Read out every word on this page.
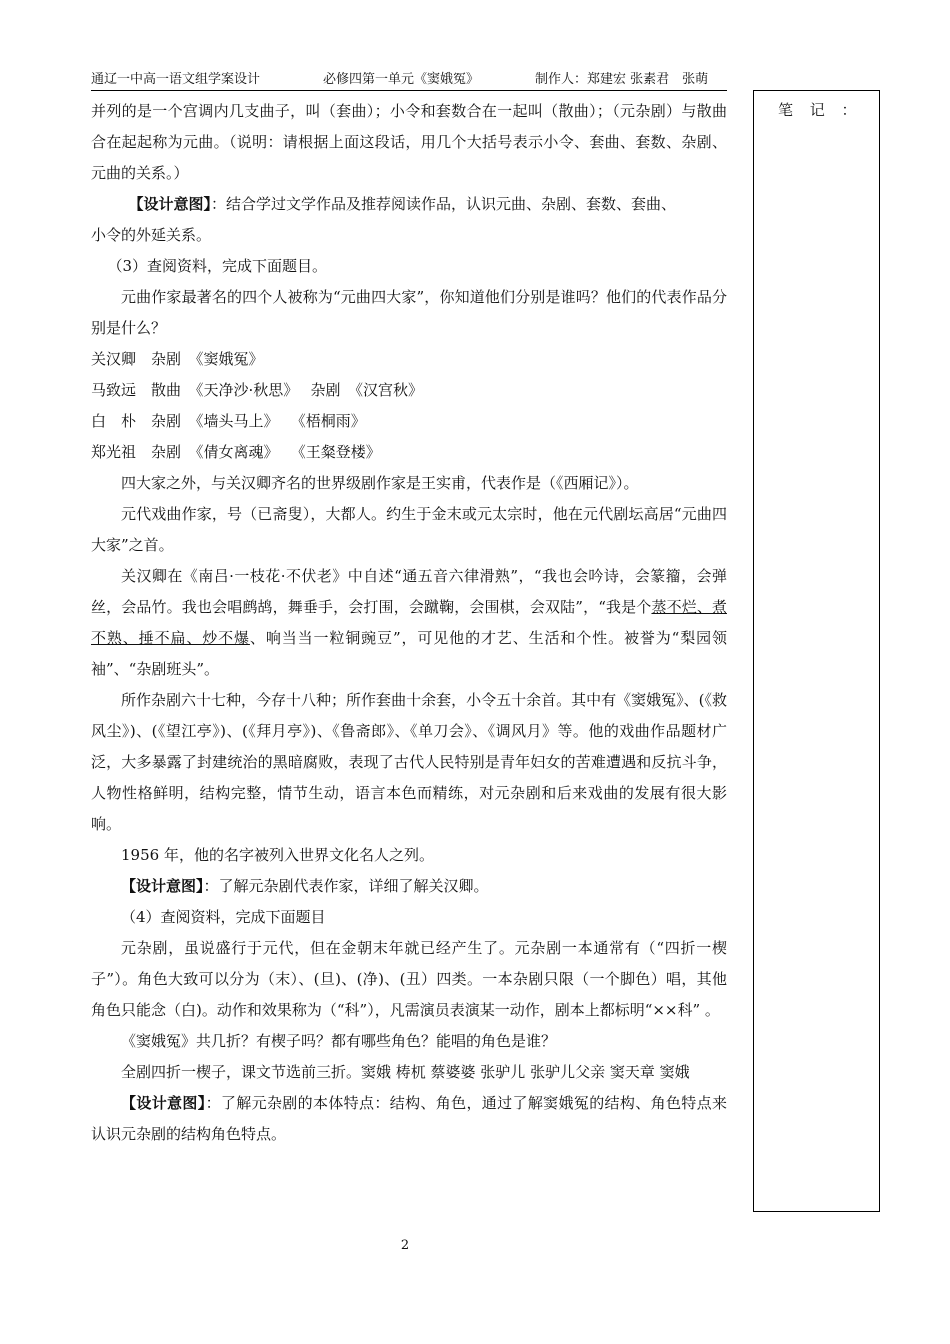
通辽一中高一语文组学案设计	必修四第一单元《窦娥冤》	制作人：郑建宏 张素君　张萌

并列的是一个宫调内几支曲子，叫（套曲）；小令和套数合在一起叫（散曲）；（元杂剧）与散曲合在起起称为元曲。（说明：请根据上面这段话，用几个大括号表示小令、套曲、套数、杂剧、元曲的关系。）

【设计意图】：结合学过文学作品及推荐阅读作品，认识元曲、杂剧、套数、套曲、

小令的外延关系。

（3）查阅资料，完成下面题目。

元曲作家最著名的四个人被称为“元曲四大家”，你知道他们分别是谁吗？他们的代表作品分别是什么？

关汉卿　杂剧　《窦娥冤》

马致远　散曲　《天净沙·秋思》　 杂剧　《汉宫秋》

白　朴　杂剧　《墙头马上》　 《梧桐雨》

郑光祖　杂剧　《倩女离魂》　 《王粲登楼》

四大家之外，与关汉卿齐名的世界级剧作家是王实甫，代表作是（《西厢记》）。

元代戏曲作家，号（已斋叟），大都人。约生于金末或元太宗时，他在元代剧坛高居“元曲四大家”之首。

关汉卿在《南吕·一枝花·不伏老》中自述“通五音六律滑熟”，“我也会吟诗，会篆籀，会弹丝，会品竹。我也会唱鹧鸪，舞垂手，会打围，会蹴鞠，会围棋，会双陆”，“我是个蒸不烂、煮不熟、捶不扁、炒不爆、响当当一粒铜豌豆”，可见他的才艺、生活和个性。被誉为“梨园领袖”、“杂剧班头”。

所作杂剧六十七种，今存十八种；所作套曲十余套，小令五十余首。其中有《窦娥冤》、(《救风尘》)、(《望江亭》)、(《拜月亭》)、《鲁斋郎》、《单刀会》、《调风月》等。他的戏曲作品题材广泛，大多暴露了封建统治的黑暗腐败，表现了古代人民特别是青年妇女的苦难遭遇和反抗斗争，人物性格鲜明，结构完整，情节生动，语言本色而精练，对元杂剧和后来戏曲的发展有很大影响。

1956 年，他的名字被列入世界文化名人之列。

【设计意图】：了解元杂剧代表作家，详细了解关汉卿。

（4）查阅资料，完成下面题目

元杂剧，虽说盛行于元代，但在金朝末年就已经产生了。元杂剧一本通常有（“四折一楔子”）。角色大致可以分为（末）、(旦)、(净)、(丑）四类。一本杂剧只限（一个脚色）唱，其他角色只能念（白)。动作和效果称为（“科”），凡需演员表演某一动作，剧本上都标明“××科” 。

《窦娥冤》共几折？有楔子吗？都有哪些角色？能唱的角色是谁？

全剧四折一楔子，课文节选前三折。窦娥 梼杌 蔡婆婆 张驴儿 张驴儿父亲 窦天章 窦娥

【设计意图】：了解元杂剧的本体特点：结构、角色，通过了解窦娥冤的结构、角色特点来认识元杂剧的结构角色特点。

笔 记 ：
2
